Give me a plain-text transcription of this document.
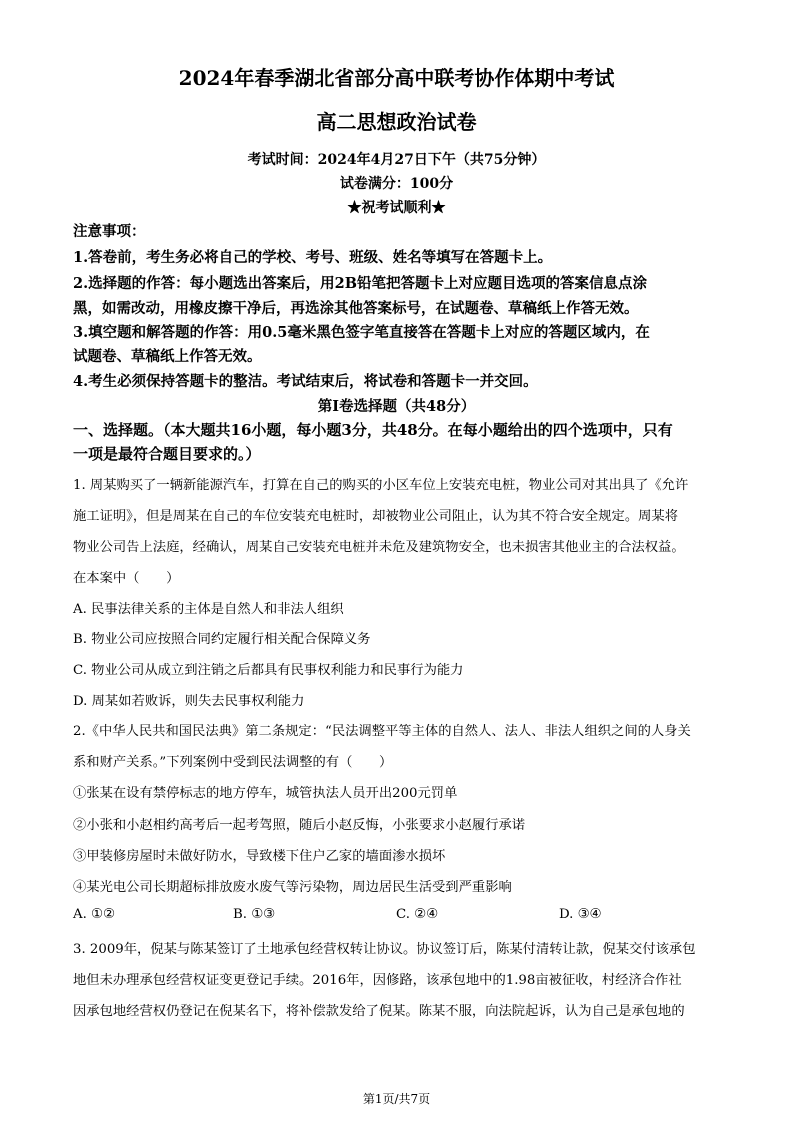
2024年春季湖北省部分高中联考协作体期中考试
高二思想政治试卷
考试时间：2024年4月27日下午（共75分钟）
试卷满分：100分
★祝考试顺利★
注意事项：
1.答卷前，考生务必将自己的学校、考号、班级、姓名等填写在答题卡上。
2.选择题的作答：每小题选出答案后，用2B铅笔把答题卡上对应题目选项的答案信息点涂
黑，如需改动，用橡皮擦干净后，再选涂其他答案标号，在试题卷、草稿纸上作答无效。
3.填空题和解答题的作答：用0.5毫米黑色签字笔直接答在答题卡上对应的答题区域内，在
试题卷、草稿纸上作答无效。
4.考生必须保持答题卡的整洁。考试结束后，将试卷和答题卡一并交回。
第Ⅰ卷选择题（共48分）
一、选择题。（本大题共16小题，每小题3分，共48分。在每小题给出的四个选项中，只有
一项是最符合题目要求的。）
1. 周某购买了一辆新能源汽车，打算在自己的购买的小区车位上安装充电桩，物业公司对其出具了《允许
施工证明》，但是周某在自己的车位安装充电桩时，却被物业公司阻止，认为其不符合安全规定。周某将
物业公司告上法庭，经确认，周某自己安装充电桩并未危及建筑物安全，也未损害其他业主的合法权益。
在本案中（　　）
A. 民事法律关系的主体是自然人和非法人组织
B. 物业公司应按照合同约定履行相关配合保障义务
C. 物业公司从成立到注销之后都具有民事权利能力和民事行为能力
D. 周某如若败诉，则失去民事权利能力
2.《中华人民共和国民法典》第二条规定：“民法调整平等主体的自然人、法人、非法人组织之间的人身关
系和财产关系。”下列案例中受到民法调整的有（　　）
①张某在设有禁停标志的地方停车，城管执法人员开出200元罚单
②小张和小赵相约高考后一起考驾照，随后小赵反悔，小张要求小赵履行承诺
③甲装修房屋时未做好防水，导致楼下住户乙家的墙面渗水损坏
④某光电公司长期超标排放废水废气等污染物，周边居民生活受到严重影响
A. ①②	B. ①③	C. ②④	D. ③④
3. 2009年，倪某与陈某签订了土地承包经营权转让协议。协议签订后，陈某付清转让款，倪某交付该承包
地但未办理承包经营权证变更登记手续。2016年，因修路，该承包地中的1.98亩被征收，村经济合作社
因承包地经营权仍登记在倪某名下，将补偿款发给了倪某。陈某不服，向法院起诉，认为自己是承包地的
第1页/共7页
